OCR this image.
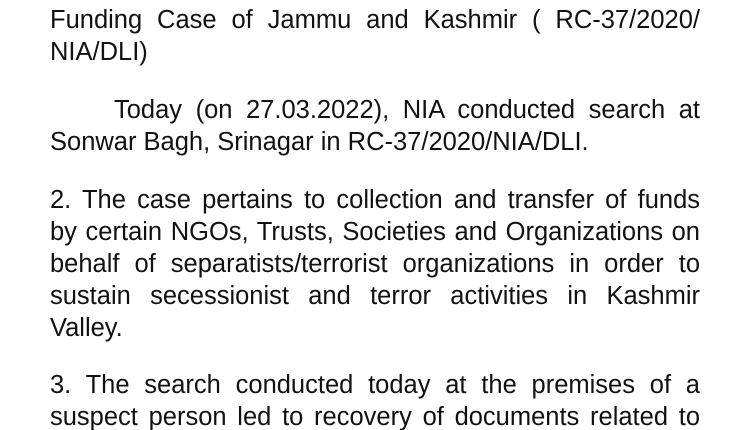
Funding Case of Jammu and Kashmir ( RC-37/2020/
NIA/DLI)
Today (on 27.03.2022), NIA conducted search at
Sonwar Bagh, Srinagar in RC-37/2020/NIA/DLI.
2. The case pertains to collection and transfer of funds
by certain NGOs, Trusts, Societies and Organizations on
behalf of separatists/terrorist organizations in order to
sustain secessionist and terror activities in Kashmir
Valley.
3. The search conducted today at the premises of a
suspect person led to recovery of documents related to
